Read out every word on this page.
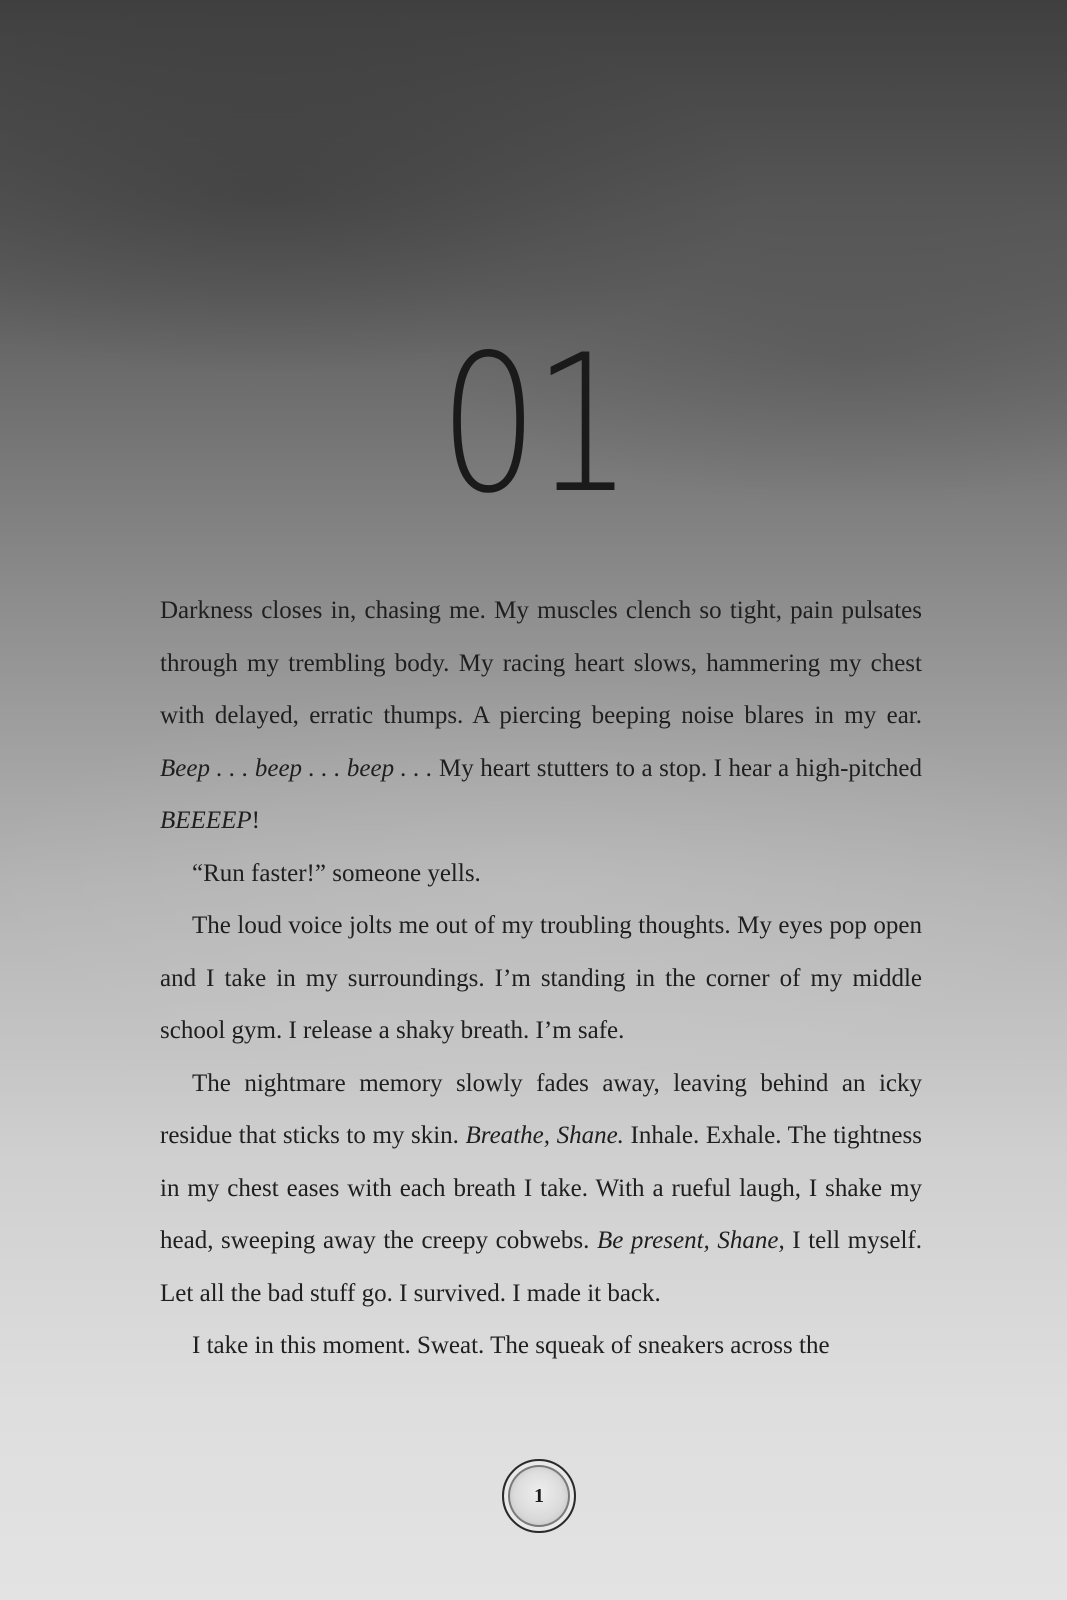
01

Darkness closes in, chasing me. My muscles clench so tight, pain pulsates through my trembling body. My racing heart slows, hammering my chest with delayed, erratic thumps. A piercing beeping noise blares in my ear. Beep . . . beep . . . beep . . . My heart stutters to a stop. I hear a high-pitched BEEEEP!

“Run faster!” someone yells.

The loud voice jolts me out of my troubling thoughts. My eyes pop open and I take in my surroundings. I’m standing in the corner of my middle school gym. I release a shaky breath. I’m safe.

The nightmare memory slowly fades away, leaving behind an icky residue that sticks to my skin. Breathe, Shane. Inhale. Exhale. The tightness in my chest eases with each breath I take. With a rueful laugh, I shake my head, sweeping away the creepy cobwebs. Be present, Shane, I tell myself. Let all the bad stuff go. I survived. I made it back.

I take in this moment. Sweat. The squeak of sneakers across the

1
